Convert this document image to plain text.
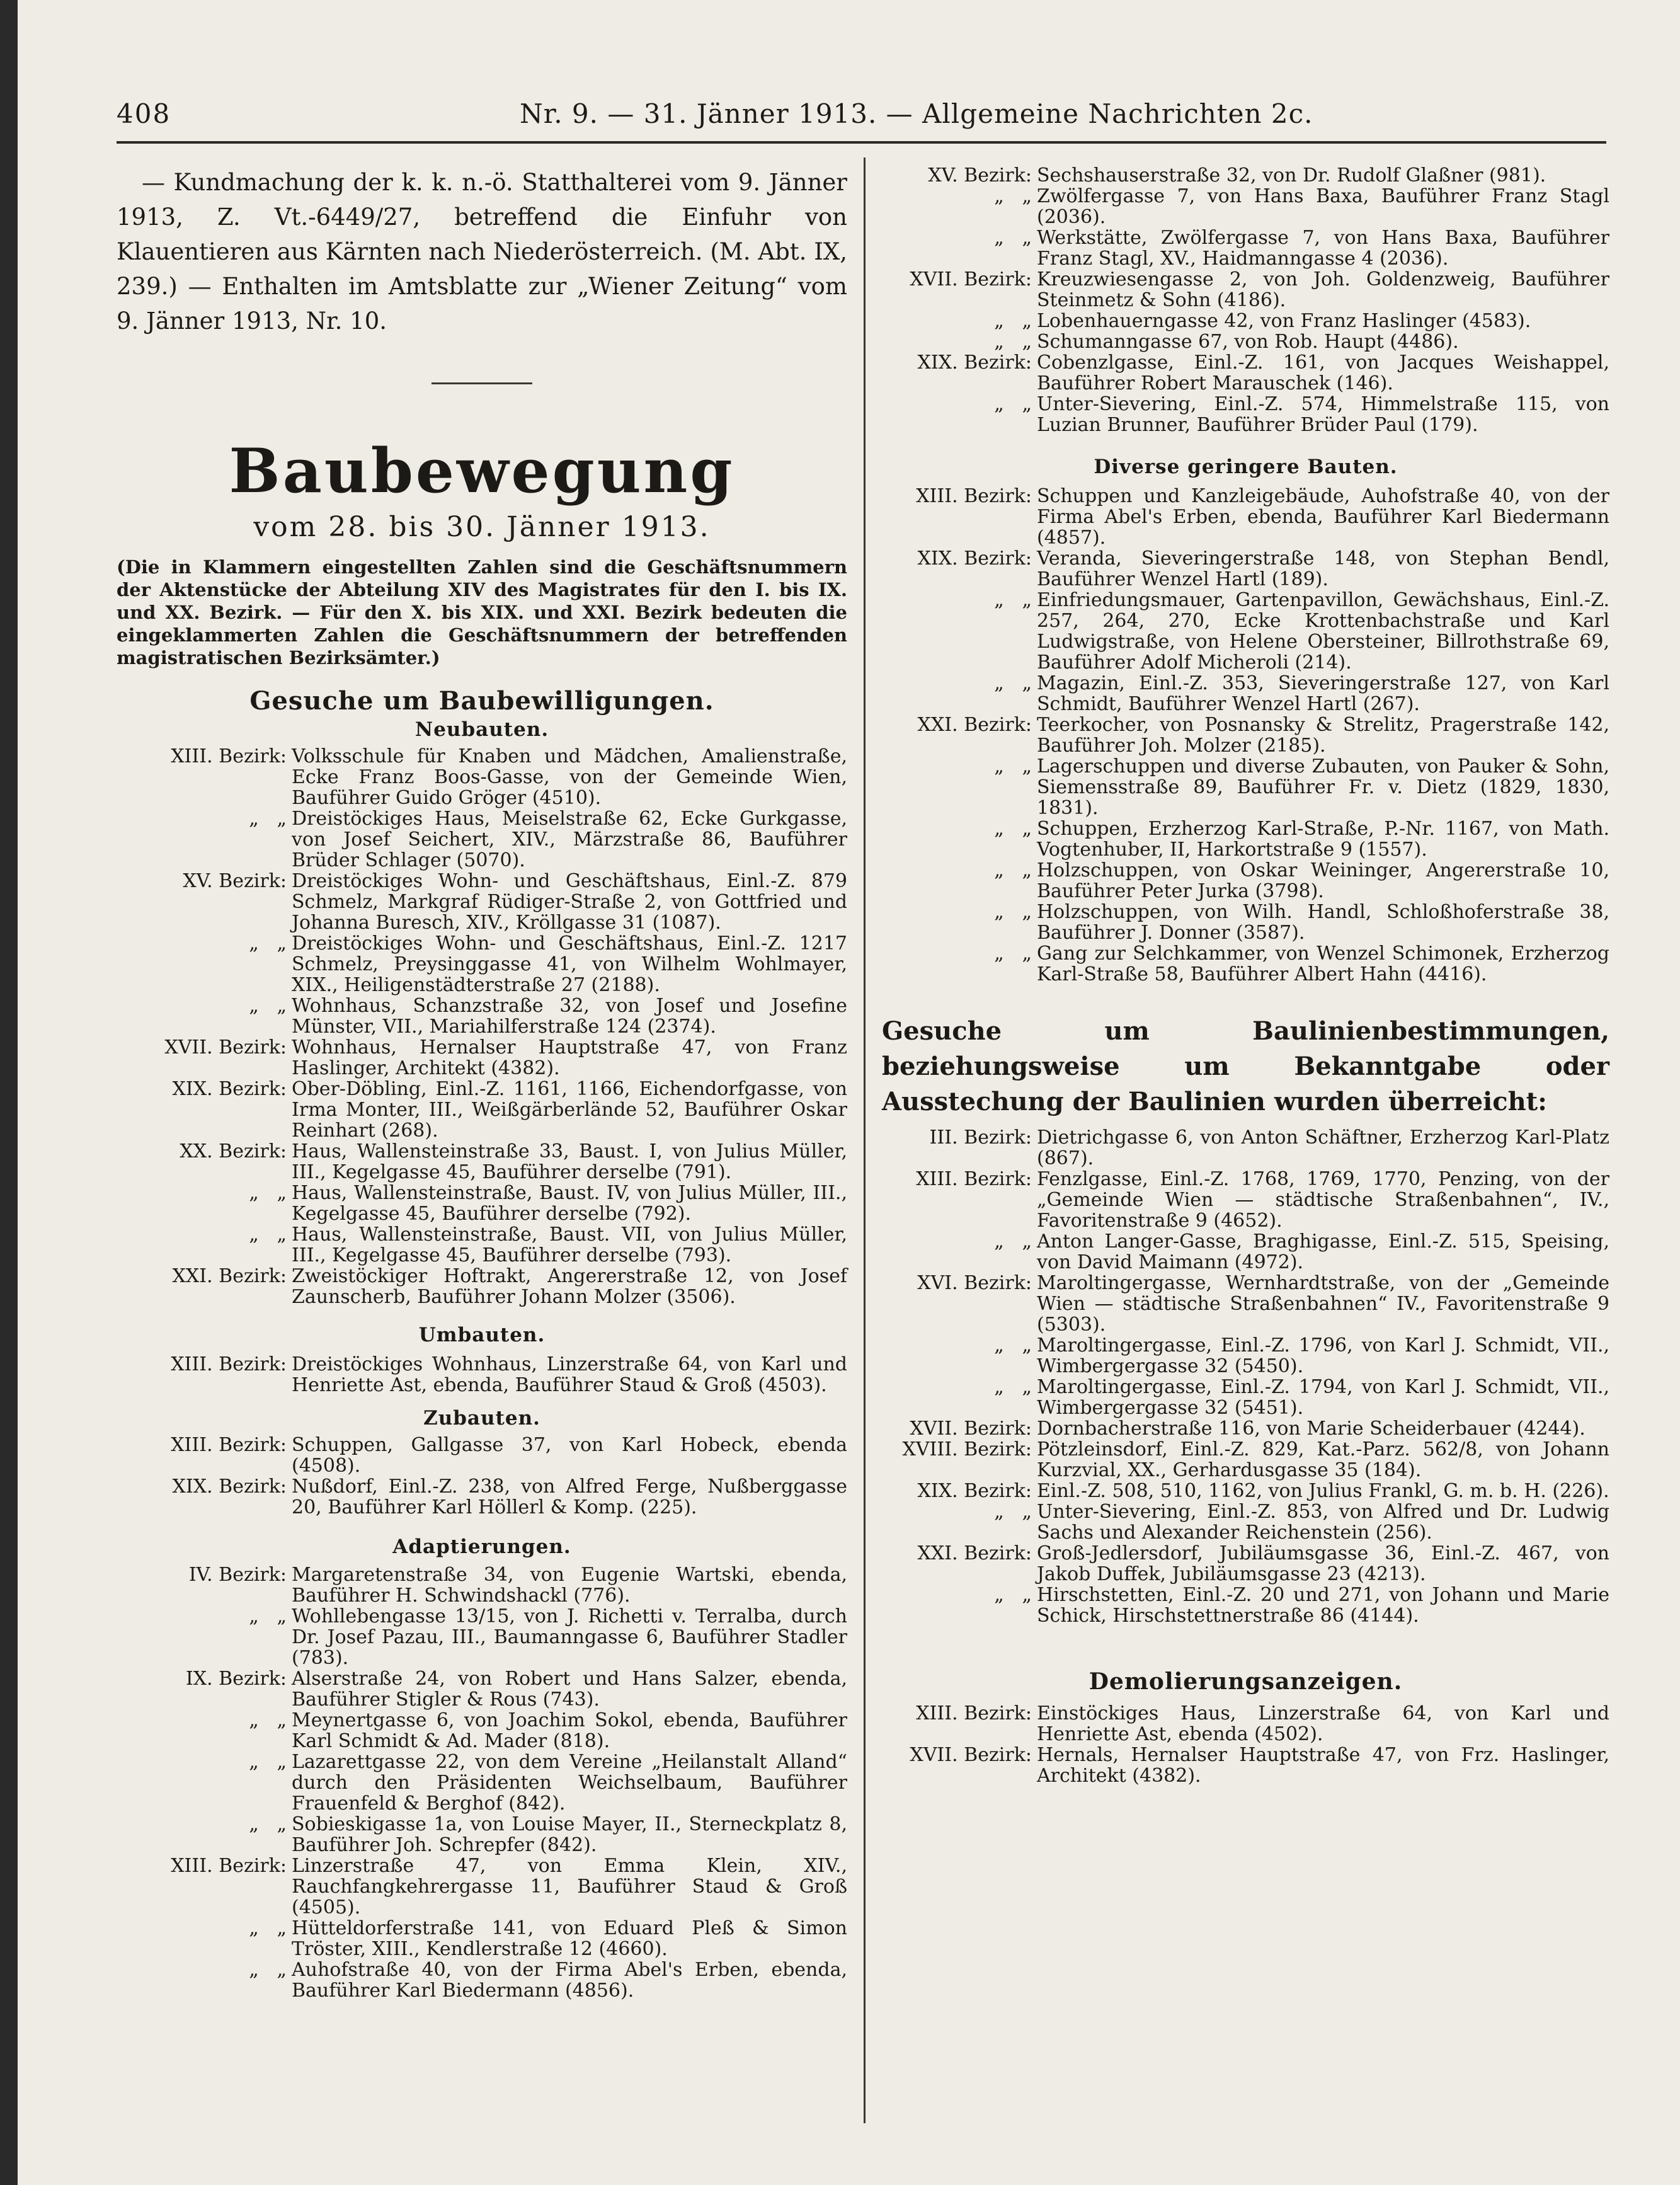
408	Nr. 9. — 31. Jänner 1913. — Allgemeine Nachrichten 2c.

— Kundmachung der k. k. n.-ö. Statthalterei vom 9. Jänner 1913, Z. Vt.-6449/27, betreffend die Einfuhr von Klauentieren aus Kärnten nach Niederösterreich. (M. Abt. IX, 239.) — Enthalten im Amtsblatte zur „Wiener Zeitung“ vom 9. Jänner 1913, Nr. 10.

Baubewegung

vom 28. bis 30. Jänner 1913.

(Die in Klammern eingestellten Zahlen sind die Geschäftsnummern der Aktenstücke der Abteilung XIV des Magistrates für den I. bis IX. und XX. Bezirk. — Für den X. bis XIX. und XXI. Bezirk bedeuten die eingeklammerten Zahlen die Geschäftsnummern der betreffenden magistratischen Bezirksämter.)

Gesuche um Baubewilligungen.

Neubauten.

XIII. Bezirk: Volksschule für Knaben und Mädchen, Amalienstraße, Ecke Franz Boos-Gasse, von der Gemeinde Wien, Bauführer Guido Gröger (4510).
„   „ Dreistöckiges Haus, Meiselstraße 62, Ecke Gurkgasse, von Josef Seichert, XIV., Märzstraße 86, Bauführer Brüder Schlager (5070).
XV. Bezirk: Dreistöckiges Wohn- und Geschäftshaus, Einl.-Z. 879 Schmelz, Markgraf Rüdiger-Straße 2, von Gottfried und Johanna Buresch, XIV., Kröllgasse 31 (1087).
„   „ Dreistöckiges Wohn- und Geschäftshaus, Einl.-Z. 1217 Schmelz, Preysinggasse 41, von Wilhelm Wohlmayer, XIX., Heiligenstädterstraße 27 (2188).
„   „ Wohnhaus, Schanzstraße 32, von Josef und Josefine Münster, VII., Mariahilferstraße 124 (2374).
XVII. Bezirk: Wohnhaus, Hernalser Hauptstraße 47, von Franz Haslinger, Architekt (4382).
XIX. Bezirk: Ober-Döbling, Einl.-Z. 1161, 1166, Eichendorfgasse, von Irma Monter, III., Weißgärberlände 52, Bauführer Oskar Reinhart (268).
XX. Bezirk: Haus, Wallensteinstraße 33, Baust. I, von Julius Müller, III., Kegelgasse 45, Bauführer derselbe (791).
„   „ Haus, Wallensteinstraße, Baust. IV, von Julius Müller, III., Kegelgasse 45, Bauführer derselbe (792).
„   „ Haus, Wallensteinstraße, Baust. VII, von Julius Müller, III., Kegelgasse 45, Bauführer derselbe (793).
XXI. Bezirk: Zweistöckiger Hoftrakt, Angererstraße 12, von Josef Zaunscherb, Bauführer Johann Molzer (3506).

Umbauten.

XIII. Bezirk: Dreistöckiges Wohnhaus, Linzerstraße 64, von Karl und Henriette Ast, ebenda, Bauführer Staud & Groß (4503).

Zubauten.

XIII. Bezirk: Schuppen, Gallgasse 37, von Karl Hobeck, ebenda (4508).
XIX. Bezirk: Nußdorf, Einl.-Z. 238, von Alfred Ferge, Nußberggasse 20, Bauführer Karl Höllerl & Komp. (225).

Adaptierungen.

IV. Bezirk: Margaretenstraße 34, von Eugenie Wartski, ebenda, Bauführer H. Schwindshackl (776).
„   „ Wohllebengasse 13/15, von J. Richetti v. Terralba, durch Dr. Josef Pazau, III., Baumanngasse 6, Bauführer Stadler (783).
IX. Bezirk: Alserstraße 24, von Robert und Hans Salzer, ebenda, Bauführer Stigler & Rous (743).
„   „ Meynertgasse 6, von Joachim Sokol, ebenda, Bauführer Karl Schmidt & Ad. Mader (818).
„   „ Lazarettgasse 22, von dem Vereine „Heilanstalt Alland“ durch den Präsidenten Weichselbaum, Bauführer Frauenfeld & Berghof (842).
„   „ Sobieskigasse 1a, von Louise Mayer, II., Sterneckplatz 8, Bauführer Joh. Schrepfer (842).
XIII. Bezirk: Linzerstraße 47, von Emma Klein, XIV., Rauchfangkehrergasse 11, Bauführer Staud & Groß (4505).
„   „ Hütteldorferstraße 141, von Eduard Pleß & Simon Tröster, XIII., Kendlerstraße 12 (4660).
„   „ Auhofstraße 40, von der Firma Abel's Erben, ebenda, Bauführer Karl Biedermann (4856).
XV. Bezirk: Sechshauserstraße 32, von Dr. Rudolf Glaßner (981).
„   „ Zwölfergasse 7, von Hans Baxa, Bauführer Franz Stagl (2036).
„   „ Werkstätte, Zwölfergasse 7, von Hans Baxa, Bauführer Franz Stagl, XV., Haidmanngasse 4 (2036).
XVII. Bezirk: Kreuzwiesengasse 2, von Joh. Goldenzweig, Bauführer Steinmetz & Sohn (4186).
„   „ Lobenhauerngasse 42, von Franz Haslinger (4583).
„   „ Schumanngasse 67, von Rob. Haupt (4486).
XIX. Bezirk: Cobenzlgasse, Einl.-Z. 161, von Jacques Weishappel, Bauführer Robert Marauschek (146).
„   „ Unter-Sievering, Einl.-Z. 574, Himmelstraße 115, von Luzian Brunner, Bauführer Brüder Paul (179).

Diverse geringere Bauten.

XIII. Bezirk: Schuppen und Kanzleigebäude, Auhofstraße 40, von der Firma Abel's Erben, ebenda, Bauführer Karl Biedermann (4857).
XIX. Bezirk: Veranda, Sieveringerstraße 148, von Stephan Bendl, Bauführer Wenzel Hartl (189).
„   „ Einfriedungsmauer, Gartenpavillon, Gewächshaus, Einl.-Z. 257, 264, 270, Ecke Krottenbachstraße und Karl Ludwigstraße, von Helene Obersteiner, Billrothstraße 69, Bauführer Adolf Micheroli (214).
„   „ Magazin, Einl.-Z. 353, Sieveringerstraße 127, von Karl Schmidt, Bauführer Wenzel Hartl (267).
XXI. Bezirk: Teerkocher, von Posnansky & Strelitz, Pragerstraße 142, Bauführer Joh. Molzer (2185).
„   „ Lagerschuppen und diverse Zubauten, von Pauker & Sohn, Siemensstraße 89, Bauführer Fr. v. Dietz (1829, 1830, 1831).
„   „ Schuppen, Erzherzog Karl-Straße, P.-Nr. 1167, von Math. Vogtenhuber, II, Harkortstraße 9 (1557).
„   „ Holzschuppen, von Oskar Weininger, Angererstraße 10, Bauführer Peter Jurka (3798).
„   „ Holzschuppen, von Wilh. Handl, Schloßhoferstraße 38, Bauführer J. Donner (3587).
„   „ Gang zur Selchkammer, von Wenzel Schimonek, Erzherzog Karl-Straße 58, Bauführer Albert Hahn (4416).

Gesuche um Baulinienbestimmungen, beziehungsweise um Bekanntgabe oder Ausstechung der Baulinien wurden überreicht:

III. Bezirk: Dietrichgasse 6, von Anton Schäftner, Erzherzog Karl-Platz (867).
XIII. Bezirk: Fenzlgasse, Einl.-Z. 1768, 1769, 1770, Penzing, von der „Gemeinde Wien — städtische Straßenbahnen“, IV., Favoritenstraße 9 (4652).
„   „ Anton Langer-Gasse, Braghigasse, Einl.-Z. 515, Speising, von David Maimann (4972).
XVI. Bezirk: Maroltingergasse, Wernhardtstraße, von der „Gemeinde Wien — städtische Straßenbahnen“ IV., Favoritenstraße 9 (5303).
„   „ Maroltingergasse, Einl.-Z. 1796, von Karl J. Schmidt, VII., Wimbergergasse 32 (5450).
„   „ Maroltingergasse, Einl.-Z. 1794, von Karl J. Schmidt, VII., Wimbergergasse 32 (5451).
XVII. Bezirk: Dornbacherstraße 116, von Marie Scheiderbauer (4244).
XVIII. Bezirk: Pötzleinsdorf, Einl.-Z. 829, Kat.-Parz. 562/8, von Johann Kurzvial, XX., Gerhardusgasse 35 (184).
XIX. Bezirk: Einl.-Z. 508, 510, 1162, von Julius Frankl, G. m. b. H. (226).
„   „ Unter-Sievering, Einl.-Z. 853, von Alfred und Dr. Ludwig Sachs und Alexander Reichenstein (256).
XXI. Bezirk: Groß-Jedlersdorf, Jubiläumsgasse 36, Einl.-Z. 467, von Jakob Duffek, Jubiläumsgasse 23 (4213).
„   „ Hirschstetten, Einl.-Z. 20 und 271, von Johann und Marie Schick, Hirschstettnerstraße 86 (4144).

Demolierungsanzeigen.

XIII. Bezirk: Einstöckiges Haus, Linzerstraße 64, von Karl und Henriette Ast, ebenda (4502).
XVII. Bezirk: Hernals, Hernalser Hauptstraße 47, von Frz. Haslinger, Architekt (4382).
